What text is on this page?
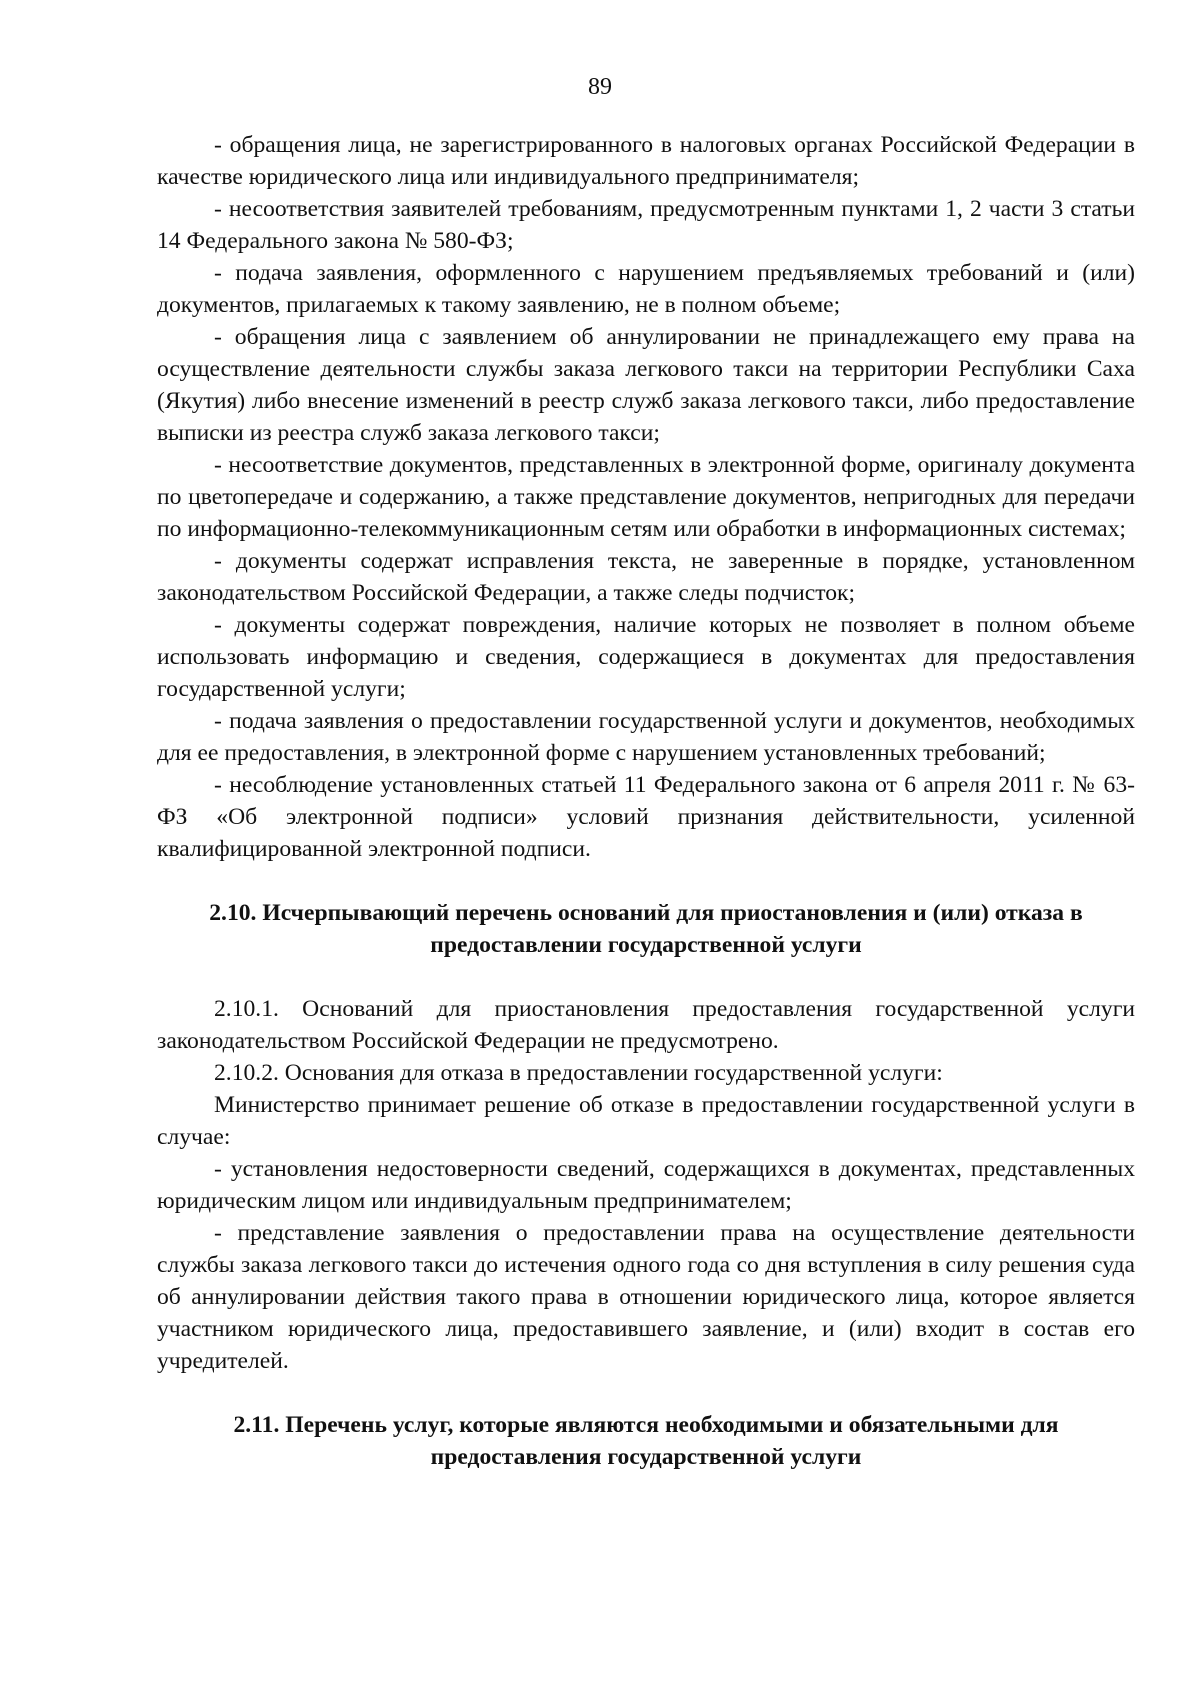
89

- обращения лица, не зарегистрированного в налоговых органах Российской Федерации в качестве юридического лица или индивидуального предпринимателя;

- несоответствия заявителей требованиям, предусмотренным пунктами 1, 2 части 3 статьи 14 Федерального закона № 580-ФЗ;

- подача заявления, оформленного с нарушением предъявляемых требований и (или) документов, прилагаемых к такому заявлению, не в полном объеме;

- обращения лица с заявлением об аннулировании не принадлежащего ему права на осуществление деятельности службы заказа легкового такси на территории Республики Саха (Якутия) либо внесение изменений в реестр служб заказа легкового такси, либо предоставление выписки из реестра служб заказа легкового такси;

- несоответствие документов, представленных в электронной форме, оригиналу документа по цветопередаче и содержанию, а также представление документов, непригодных для передачи по информационно-телекоммуникационным сетям или обработки в информационных системах;

- документы содержат исправления текста, не заверенные в порядке, установленном законодательством Российской Федерации, а также следы подчисток;

- документы содержат повреждения, наличие которых не позволяет в полном объеме использовать информацию и сведения, содержащиеся в документах для предоставления государственной услуги;

- подача заявления о предоставлении государственной услуги и документов, необходимых для ее предоставления, в электронной форме с нарушением установленных требований;

- несоблюдение установленных статьей 11 Федерального закона от 6 апреля 2011 г. № 63-ФЗ «Об электронной подписи» условий признания действительности, усиленной квалифицированной электронной подписи.

2.10. Исчерпывающий перечень оснований для приостановления и (или) отказа в

предоставлении государственной услуги

2.10.1. Оснований для приостановления предоставления государственной услуги законодательством Российской Федерации не предусмотрено.

2.10.2. Основания для отказа в предоставлении государственной услуги:

Министерство принимает решение об отказе в предоставлении государственной услуги в случае:

- установления недостоверности сведений, содержащихся в документах, представленных юридическим лицом или индивидуальным предпринимателем;

- представление заявления о предоставлении права на осуществление деятельности службы заказа легкового такси до истечения одного года со дня вступления в силу решения суда об аннулировании действия такого права в отношении юридического лица, которое является участником юридического лица, предоставившего заявление, и (или) входит в состав его учредителей.

2.11. Перечень услуг, которые являются необходимыми и обязательными для

предоставления государственной услуги
